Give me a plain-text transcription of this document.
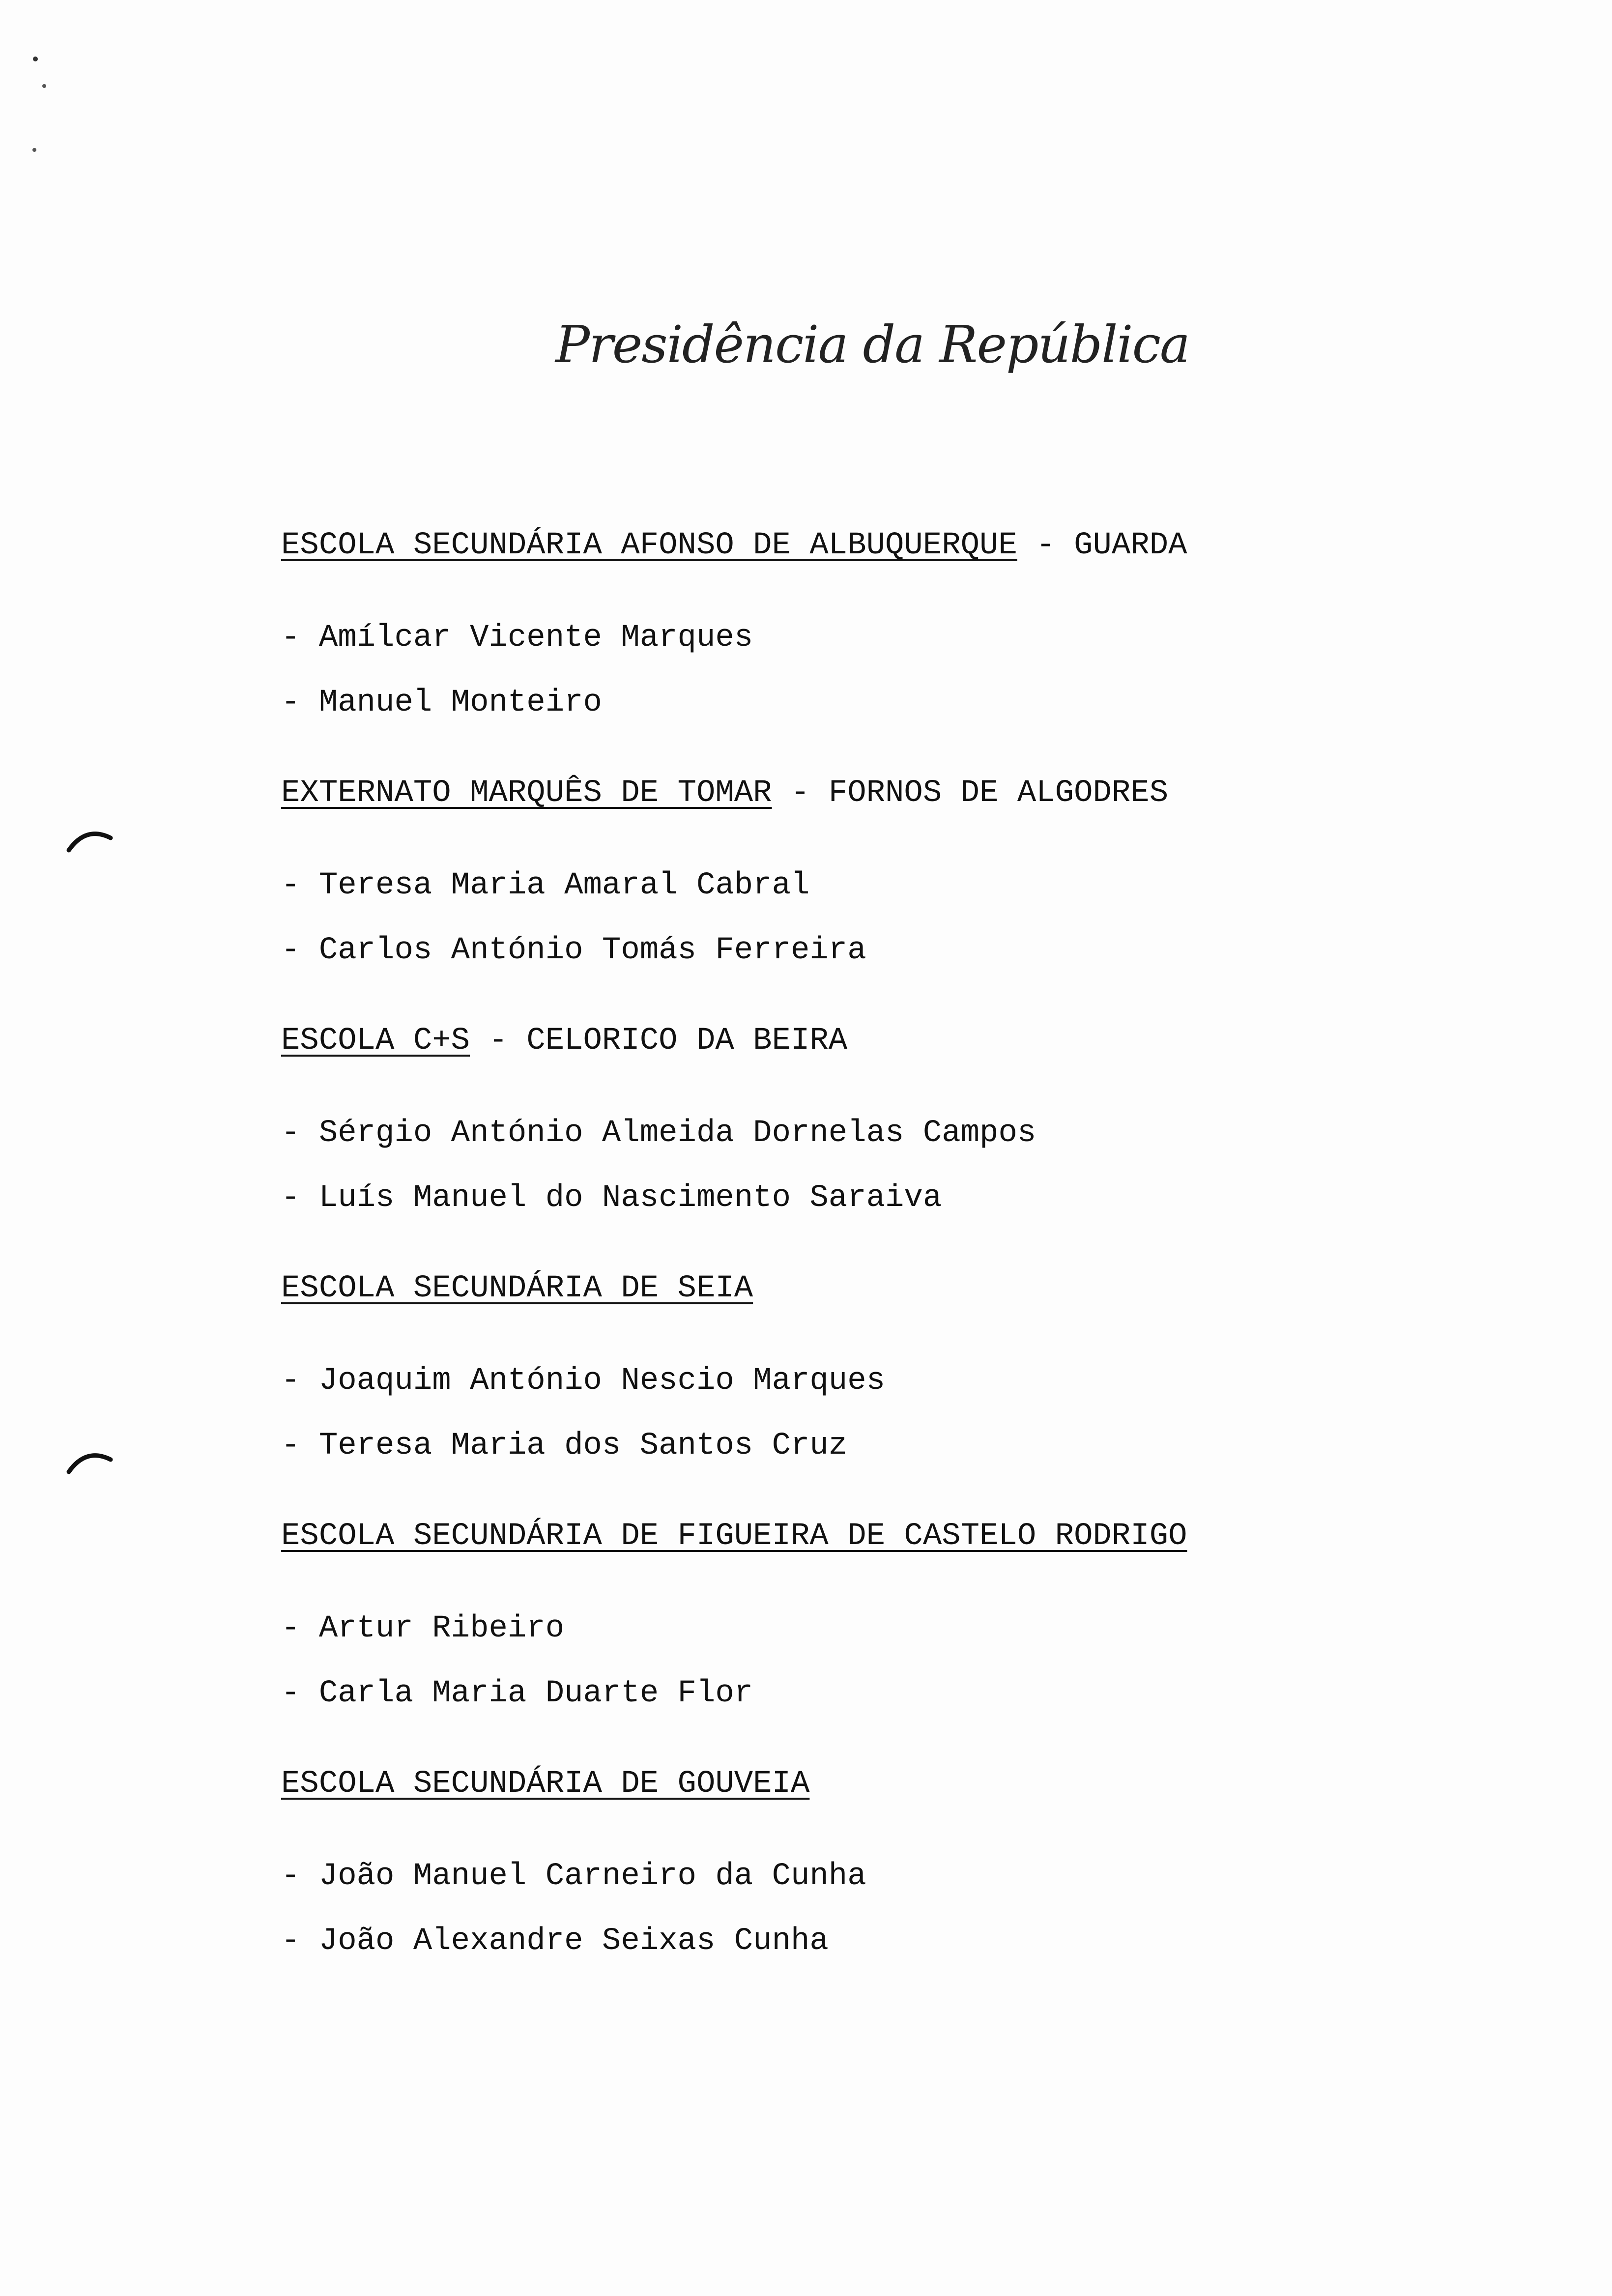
Presidência da República
ESCOLA SECUNDÁRIA AFONSO DE ALBUQUERQUE - GUARDA
- Amílcar Vicente Marques
- Manuel Monteiro
EXTERNATO MARQUÊS DE TOMAR - FORNOS DE ALGODRES
- Teresa Maria Amaral Cabral
- Carlos António Tomás Ferreira
ESCOLA C+S - CELORICO DA BEIRA
- Sérgio António Almeida Dornelas Campos
- Luís Manuel do Nascimento Saraiva
ESCOLA SECUNDÁRIA DE SEIA
- Joaquim António Nescio Marques
- Teresa Maria dos Santos Cruz
ESCOLA SECUNDÁRIA DE FIGUEIRA DE CASTELO RODRIGO
- Artur Ribeiro
- Carla Maria Duarte Flor
ESCOLA SECUNDÁRIA DE GOUVEIA
- João Manuel Carneiro da Cunha
- João Alexandre Seixas Cunha
